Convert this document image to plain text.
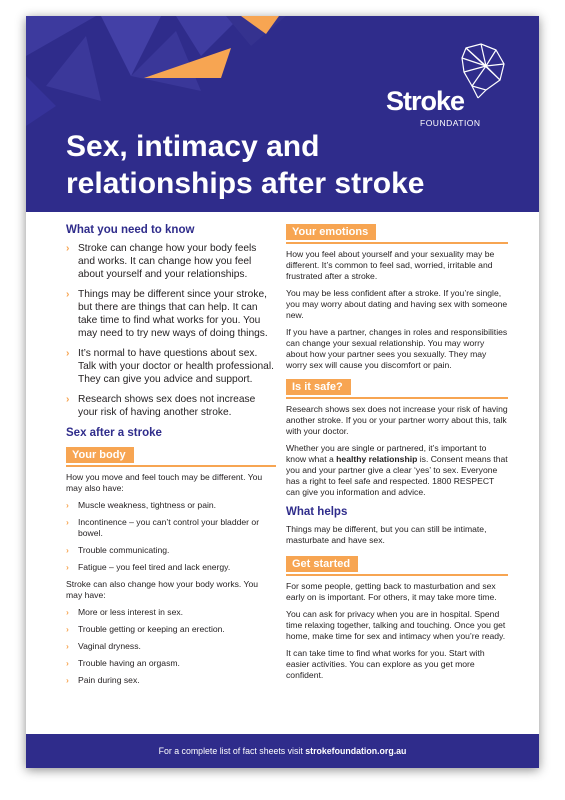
Stroke
FOUNDATION
Sex, intimacy and
relationships after stroke
What you need to know
› Stroke can change how your body feels and works. It can change how you feel about yourself and your relationships.
› Things may be different since your stroke, but there are things that can help. It can take time to find what works for you. You may need to try new ways of doing things.
› It’s normal to have questions about sex. Talk with your doctor or health professional. They can give you advice and support.
› Research shows sex does not increase your risk of having another stroke.
Sex after a stroke
Your body

How you move and feel touch may be different. You may also have:

› Muscle weakness, tightness or pain.
› Incontinence – you can’t control your bladder or bowel.
› Trouble communicating.
› Fatigue – you feel tired and lack energy.

Stroke can also change how your body works. You may have:

› More or less interest in sex.
› Trouble getting or keeping an erection.
› Vaginal dryness.
› Trouble having an orgasm.
› Pain during sex.
Your emotions

How you feel about yourself and your sexuality may be different. It’s common to feel sad, worried, irritable and frustrated after a stroke.

You may be less confident after a stroke. If you’re single, you may worry about dating and having sex with someone new.

If you have a partner, changes in roles and responsibilities can change your sexual relationship. You may worry about how your partner sees you sexually. They may worry sex will cause you discomfort or pain.

Is it safe?

Research shows sex does not increase your risk of having another stroke. If you or your partner worry about this, talk with your doctor.

Whether you are single or partnered, it’s important to know what a healthy relationship is. Consent means that you and your partner give a clear ‘yes’ to sex. Everyone has a right to feel safe and respected. 1800 RESPECT can give you information and advice.

What helps

Things may be different, but you can still be intimate, masturbate and have sex.

Get started

For some people, getting back to masturbation and sex early on is important. For others, it may take more time.

You can ask for privacy when you are in hospital. Spend time relaxing together, talking and touching. Once you get home, make time for sex and intimacy when you’re ready.

It can take time to find what works for you. Start with easier activities. You can explore as you get more confident.

For a complete list of fact sheets visit strokefoundation.org.au
